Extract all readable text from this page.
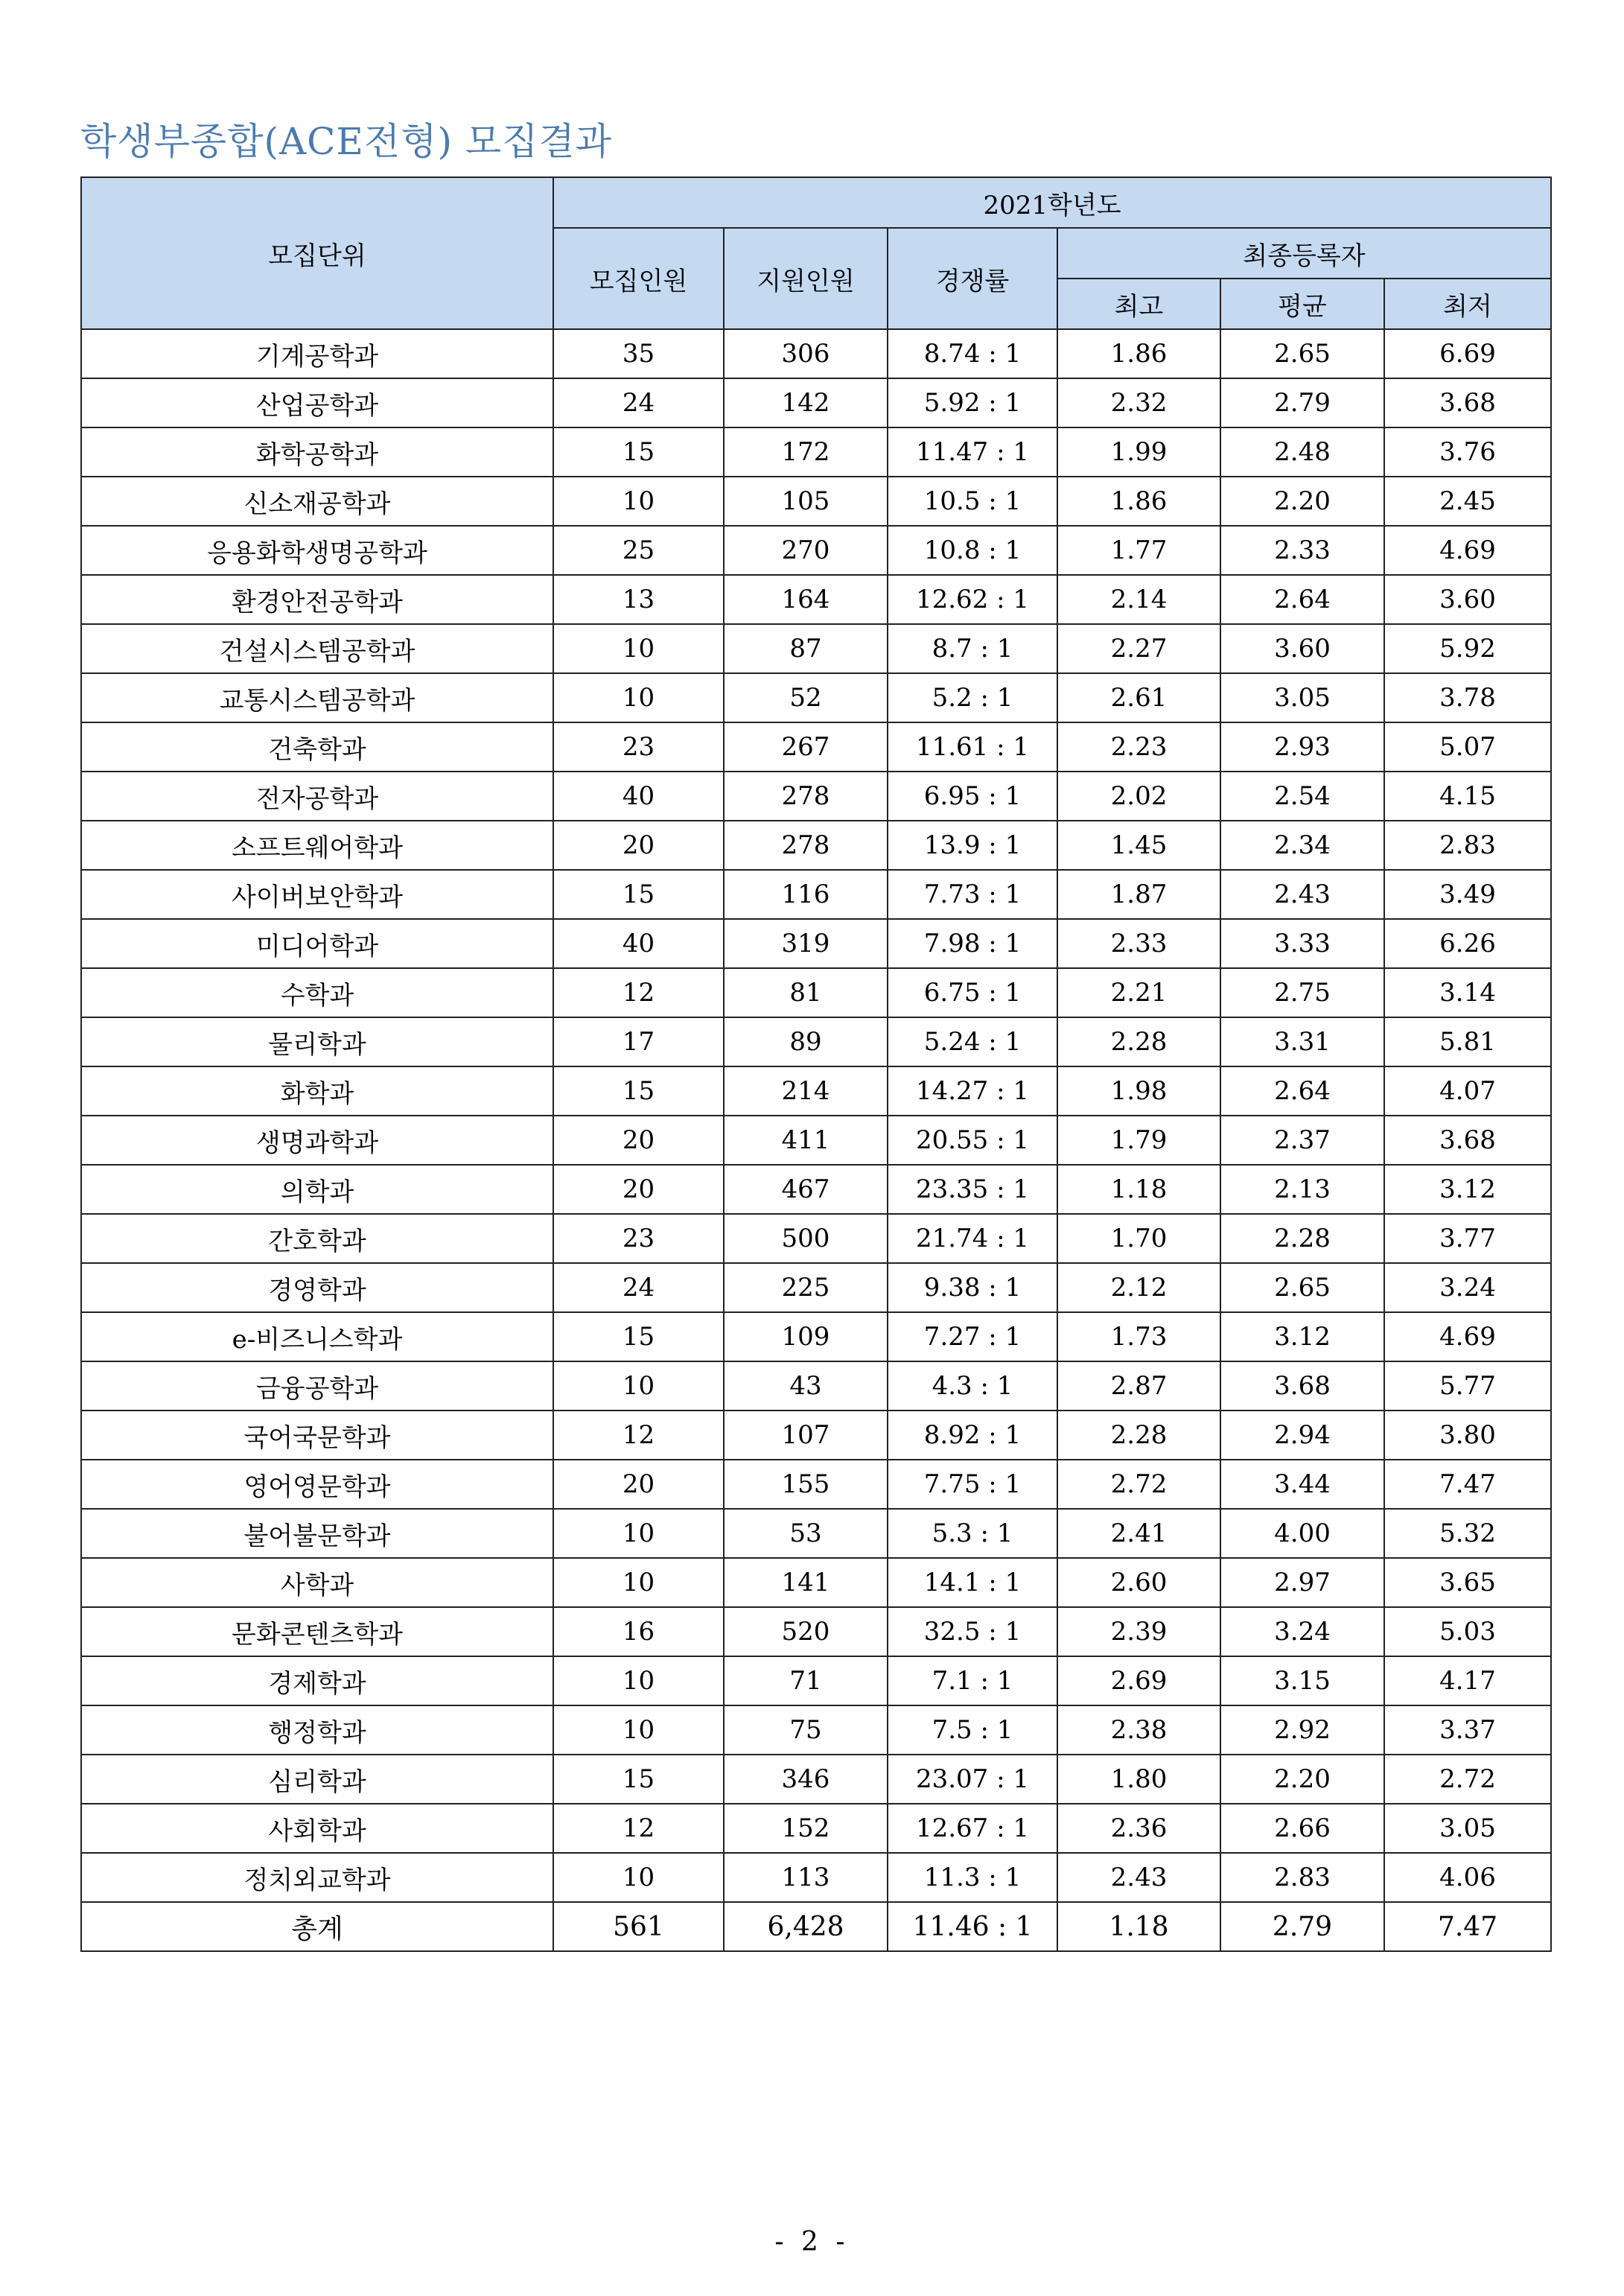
학생부종합(ACE전형) 모집결과
모집단위	2021학년도					
	모집인원	지원인원	경쟁률	최종등록자		
				최고	평균	최저
기계공학과	35	306	8.74 : 1	1.86	2.65	6.69
산업공학과	24	142	5.92 : 1	2.32	2.79	3.68
화학공학과	15	172	11.47 : 1	1.99	2.48	3.76
신소재공학과	10	105	10.5 : 1	1.86	2.20	2.45
응용화학생명공학과	25	270	10.8 : 1	1.77	2.33	4.69
환경안전공학과	13	164	12.62 : 1	2.14	2.64	3.60
건설시스템공학과	10	87	8.7 : 1	2.27	3.60	5.92
교통시스템공학과	10	52	5.2 : 1	2.61	3.05	3.78
건축학과	23	267	11.61 : 1	2.23	2.93	5.07
전자공학과	40	278	6.95 : 1	2.02	2.54	4.15
소프트웨어학과	20	278	13.9 : 1	1.45	2.34	2.83
사이버보안학과	15	116	7.73 : 1	1.87	2.43	3.49
미디어학과	40	319	7.98 : 1	2.33	3.33	6.26
수학과	12	81	6.75 : 1	2.21	2.75	3.14
물리학과	17	89	5.24 : 1	2.28	3.31	5.81
화학과	15	214	14.27 : 1	1.98	2.64	4.07
생명과학과	20	411	20.55 : 1	1.79	2.37	3.68
의학과	20	467	23.35 : 1	1.18	2.13	3.12
간호학과	23	500	21.74 : 1	1.70	2.28	3.77
경영학과	24	225	9.38 : 1	2.12	2.65	3.24
e-비즈니스학과	15	109	7.27 : 1	1.73	3.12	4.69
금융공학과	10	43	4.3 : 1	2.87	3.68	5.77
국어국문학과	12	107	8.92 : 1	2.28	2.94	3.80
영어영문학과	20	155	7.75 : 1	2.72	3.44	7.47
불어불문학과	10	53	5.3 : 1	2.41	4.00	5.32
사학과	10	141	14.1 : 1	2.60	2.97	3.65
문화콘텐츠학과	16	520	32.5 : 1	2.39	3.24	5.03
경제학과	10	71	7.1 : 1	2.69	3.15	4.17
행정학과	10	75	7.5 : 1	2.38	2.92	3.37
심리학과	15	346	23.07 : 1	1.80	2.20	2.72
사회학과	12	152	12.67 : 1	2.36	2.66	3.05
정치외교학과	10	113	11.3 : 1	2.43	2.83	4.06
총계	561	6,428	11.46 : 1	1.18	2.79	7.47
- 2 -
